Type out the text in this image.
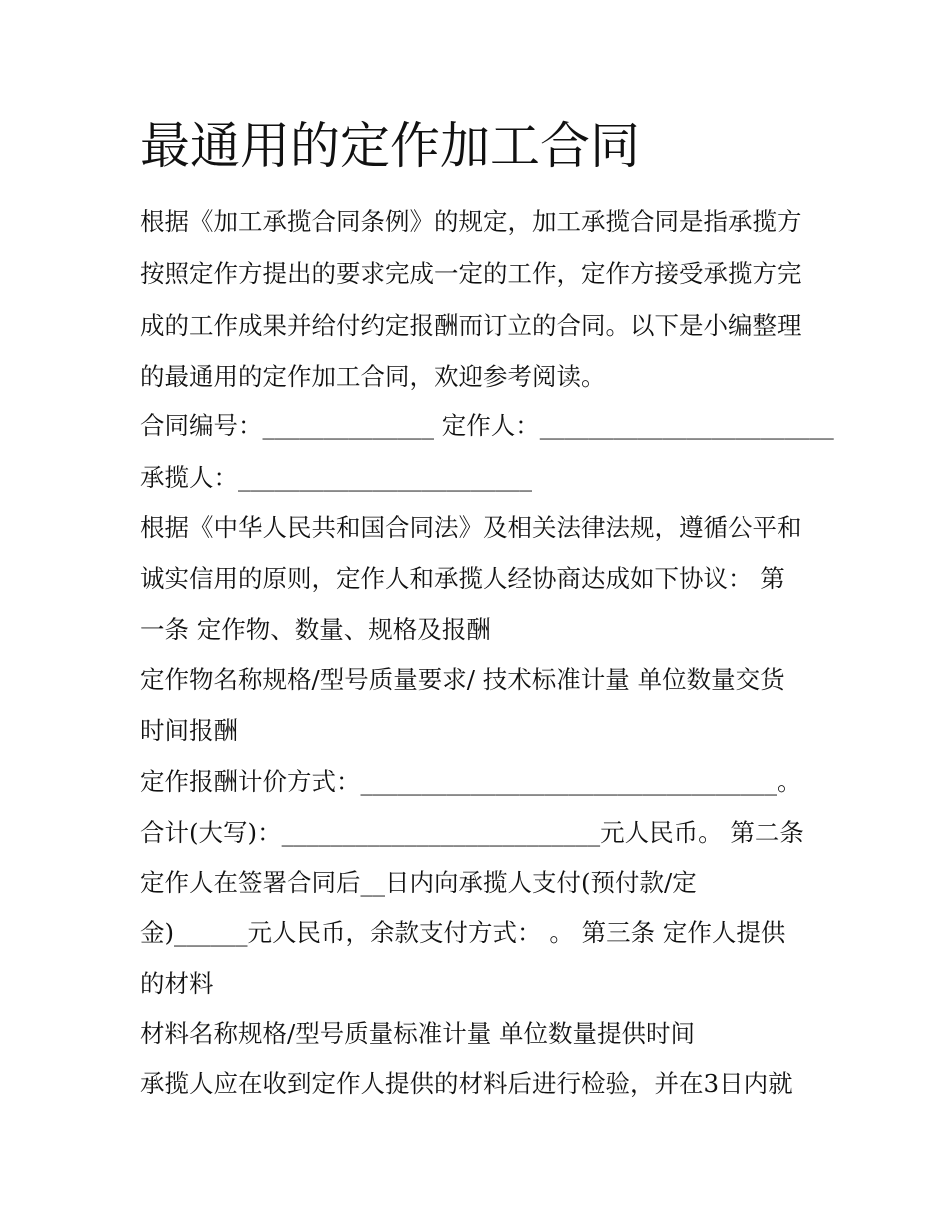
最通用的定作加工合同
根据《加工承揽合同条例》的规定，加工承揽合同是指承揽方
按照定作方提出的要求完成一定的工作，定作方接受承揽方完
成的工作成果并给付约定报酬而订立的合同。以下是小编整理
的最通用的定作加工合同，欢迎参考阅读。
合同编号：______________ 定作人：________________________
承揽人：________________________
根据《中华人民共和国合同法》及相关法律法规，遵循公平和
诚实信用的原则，定作人和承揽人经协商达成如下协议： 第
一条 定作物、数量、规格及报酬
定作物名称规格/型号质量要求/ 技术标准计量 单位数量交货
时间报酬
定作报酬计价方式：__________________________________。
合计(大写)：__________________________元人民币。 第二条
定作人在签署合同后__日内向承揽人支付(预付款/定
金)______元人民币，余款支付方式： 。 第三条 定作人提供
的材料
材料名称规格/型号质量标准计量 单位数量提供时间
承揽人应在收到定作人提供的材料后进行检验，并在3日内就
